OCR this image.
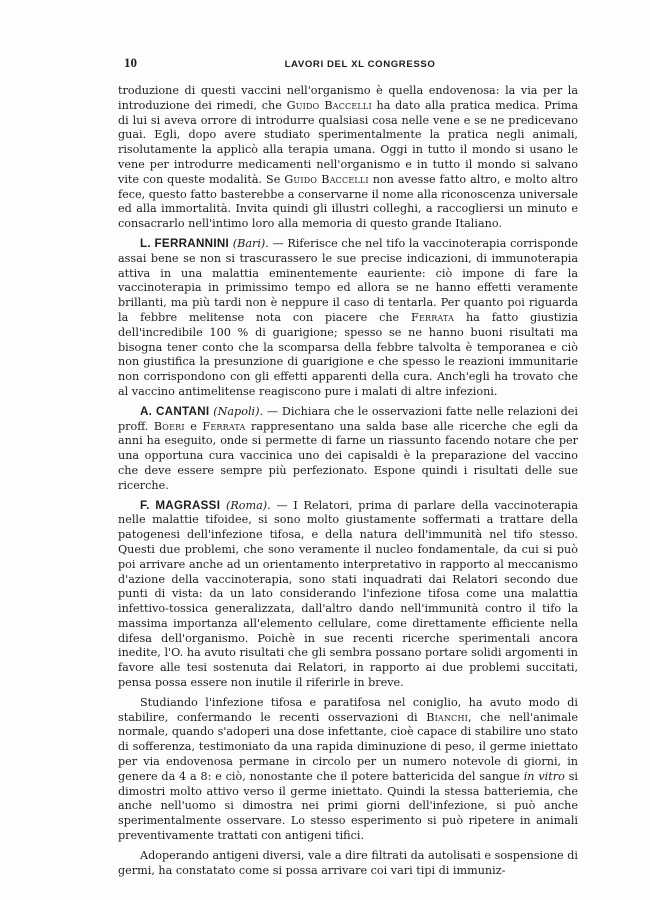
10	LAVORI DEL XL CONGRESSO

troduzione di questi vaccini nell'organismo è quella endovenosa: la via per la introduzione dei rimedi, che Guido Baccelli ha dato alla pratica medica. Prima di lui si aveva orrore di introdurre qualsiasi cosa nelle vene e se ne predicevano guai. Egli, dopo avere studiato sperimentalmente la pratica negli animali, risolutamente la applicò alla terapia umana. Oggi in tutto il mondo si usano le vene per introdurre medicamenti nell'organismo e in tutto il mondo si salvano vite con queste modalità. Se Guido Baccelli non avesse fatto altro, e molto altro fece, questo fatto basterebbe a conservarne il nome alla riconoscenza universale ed alla immortalità. Invita quindi gli illustri colleghi, a raccogliersi un minuto e consacrarlo nell'intimo loro alla memoria di questo grande Italiano.

L. FERRANNINI (Bari). — Riferisce che nel tifo la vaccinoterapia corrisponde assai bene se non si trascurassero le sue precise indicazioni, di immunoterapia attiva in una malattia eminentemente eauriente: ciò impone di fare la vaccinoterapia in primissimo tempo ed allora se ne hanno effetti veramente brillanti, ma più tardi non è neppure il caso di tentarla. Per quanto poi riguarda la febbre melitense nota con piacere che Ferrata ha fatto giustizia dell'incredibile 100 % di guarigione; spesso se ne hanno buoni risultati ma bisogna tener conto che la scomparsa della febbre talvolta è temporanea e ciò non giustifica la presunzione di guarigione e che spesso le reazioni immunitarie non corrispondono con gli effetti apparenti della cura. Anch'egli ha trovato che al vaccino antimelitense reagiscono pure i malati di altre infezioni.

A. CANTANI (Napoli). — Dichiara che le osservazioni fatte nelle relazioni dei proff. Boeri e Ferrata rappresentano una salda base alle ricerche che egli da anni ha eseguito, onde si permette di farne un riassunto facendo notare che per una opportuna cura vaccinica uno dei capisaldi è la preparazione del vaccino che deve essere sempre più perfezionato. Espone quindi i risultati delle sue ricerche.

F. MAGRASSI (Roma). — I Relatori, prima di parlare della vaccinoterapia nelle malattie tifoidee, si sono molto giustamente soffermati a trattare della patogenesi dell'infezione tifosa, e della natura dell'immunità nel tifo stesso. Questi due problemi, che sono veramente il nucleo fondamentale, da cui si può poi arrivare anche ad un orientamento interpretativo in rapporto al meccanismo d'azione della vaccinoterapia, sono stati inquadrati dai Relatori secondo due punti di vista: da un lato considerando l'infezione tifosa come una malattia infettivo-tossica generalizzata, dall'altro dando nell'immunità contro il tifo la massima importanza all'elemento cellulare, come direttamente efficiente nella difesa dell'organismo. Poichè in sue recenti ricerche sperimentali ancora inedite, l'O. ha avuto risultati che gli sembra possano portare solidi argomenti in favore alle tesi sostenuta dai Relatori, in rapporto ai due problemi succitati, pensa possa essere non inutile il riferirle in breve.

Studiando l'infezione tifosa e paratifosa nel coniglio, ha avuto modo di stabilire, confermando le recenti osservazioni di Bianchi, che nell'animale normale, quando s'adoperi una dose infettante, cioè capace di stabilire uno stato di sofferenza, testimoniato da una rapida diminuzione di peso, il germe iniettato per via endovenosa permane in circolo per un numero notevole di giorni, in genere da 4 a 8: e ciò, nonostante che il potere battericida del sangue in vitro si dimostri molto attivo verso il germe iniettato. Quindi la stessa batteriemia, che anche nell'uomo si dimostra nei primi giorni dell'infezione, si può anche sperimentalmente osservare. Lo stesso esperimento si può ripetere in animali preventivamente trattati con antigeni tifici.

Adoperando antigeni diversi, vale a dire filtrati da autolisati e sospensione di germi, ha constatato come si possa arrivare coi vari tipi di immuniz-
